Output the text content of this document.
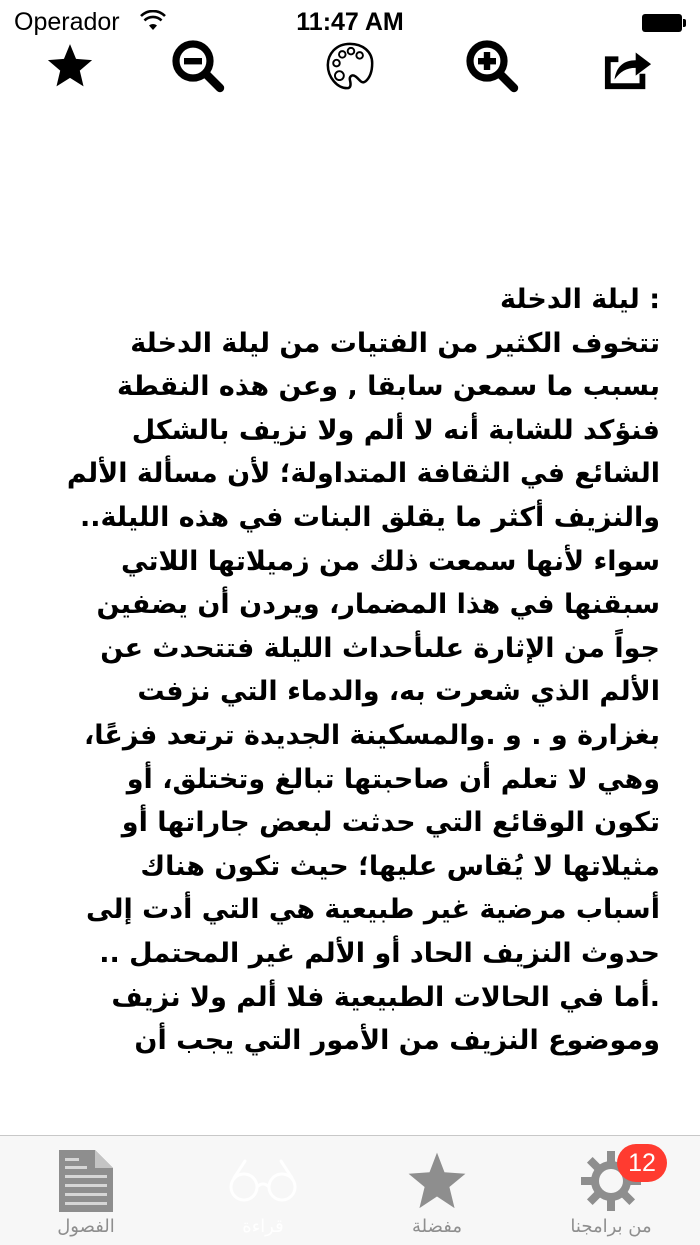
Operador	11:47 AM
: ليلة الدخلة
تتخوف الكثير من الفتيات من ليلة الدخلة
بسبب ما سمعن سابقا , وعن هذه النقطة
فنؤكد للشابة أنه لا ألم ولا نزيف بالشكل
الشائع في الثقافة المتداولة؛ لأن مسألة الألم
والنزيف أكثر ما يقلق البنات في هذه الليلة..
سواء لأنها سمعت ذلك من زميلاتها اللاتي
سبقنها في هذا المضمار، ويردن أن يضفين
جواً من الإثارة علىأحداث الليلة فتتحدث عن
الألم الذي شعرت به، والدماء التي نزفت
بغزارة و . و .والمسكينة الجديدة ترتعد فزعًا،
وهي لا تعلم أن صاحبتها تبالغ وتختلق، أو
تكون الوقائع التي حدثت لبعض جاراتها أو
مثيلاتها لا يُقاس عليها؛ حيث تكون هناك
أسباب مرضية غير طبيعية هي التي أدت إلى
حدوث النزيف الحاد أو الألم غير المحتمل ..
.أما في الحالات الطبيعية فلا ألم ولا نزيف
وموضوع النزيف من الأمور التي يجب أن
الفصول	قراءة	مفضلة	من برامجنا
12
